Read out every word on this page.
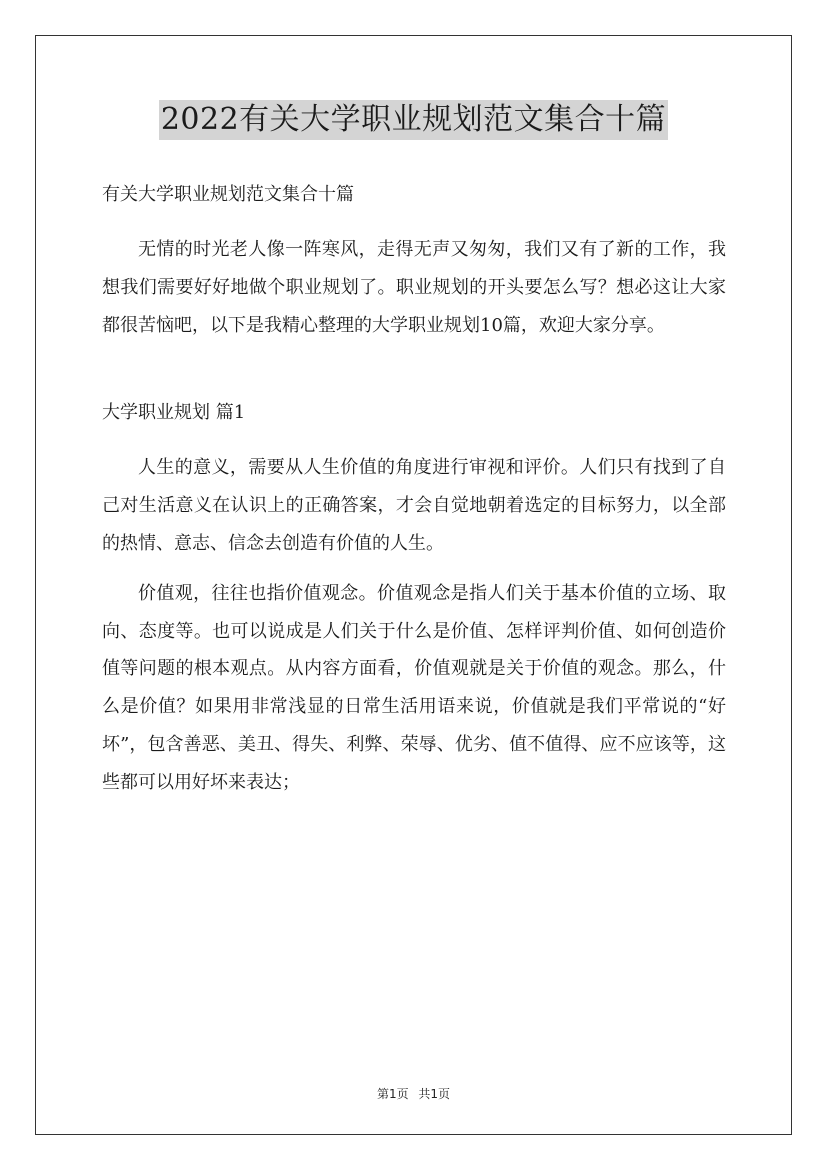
2022有关大学职业规划范文集合十篇
有关大学职业规划范文集合十篇

无情的时光老人像一阵寒风，走得无声又匆匆，我们又有了新的工作，我想我们需要好好地做个职业规划了。职业规划的开头要怎么写？想必这让大家都很苦恼吧，以下是我精心整理的大学职业规划10篇，欢迎大家分享。

大学职业规划 篇1

人生的意义，需要从人生价值的角度进行审视和评价。人们只有找到了自己对生活意义在认识上的正确答案，才会自觉地朝着选定的目标努力，以全部的热情、意志、信念去创造有价值的人生。

价值观，往往也指价值观念。价值观念是指人们关于基本价值的立场、取向、态度等。也可以说成是人们关于什么是价值、怎样评判价值、如何创造价值等问题的根本观点。从内容方面看，价值观就是关于价值的观念。那么，什么是价值？如果用非常浅显的日常生活用语来说，价值就是我们平常说的“好坏”，包含善恶、美丑、得失、利弊、荣辱、优劣、值不值得、应不应该等，这些都可以用好坏来表达；

第1页 共1页
